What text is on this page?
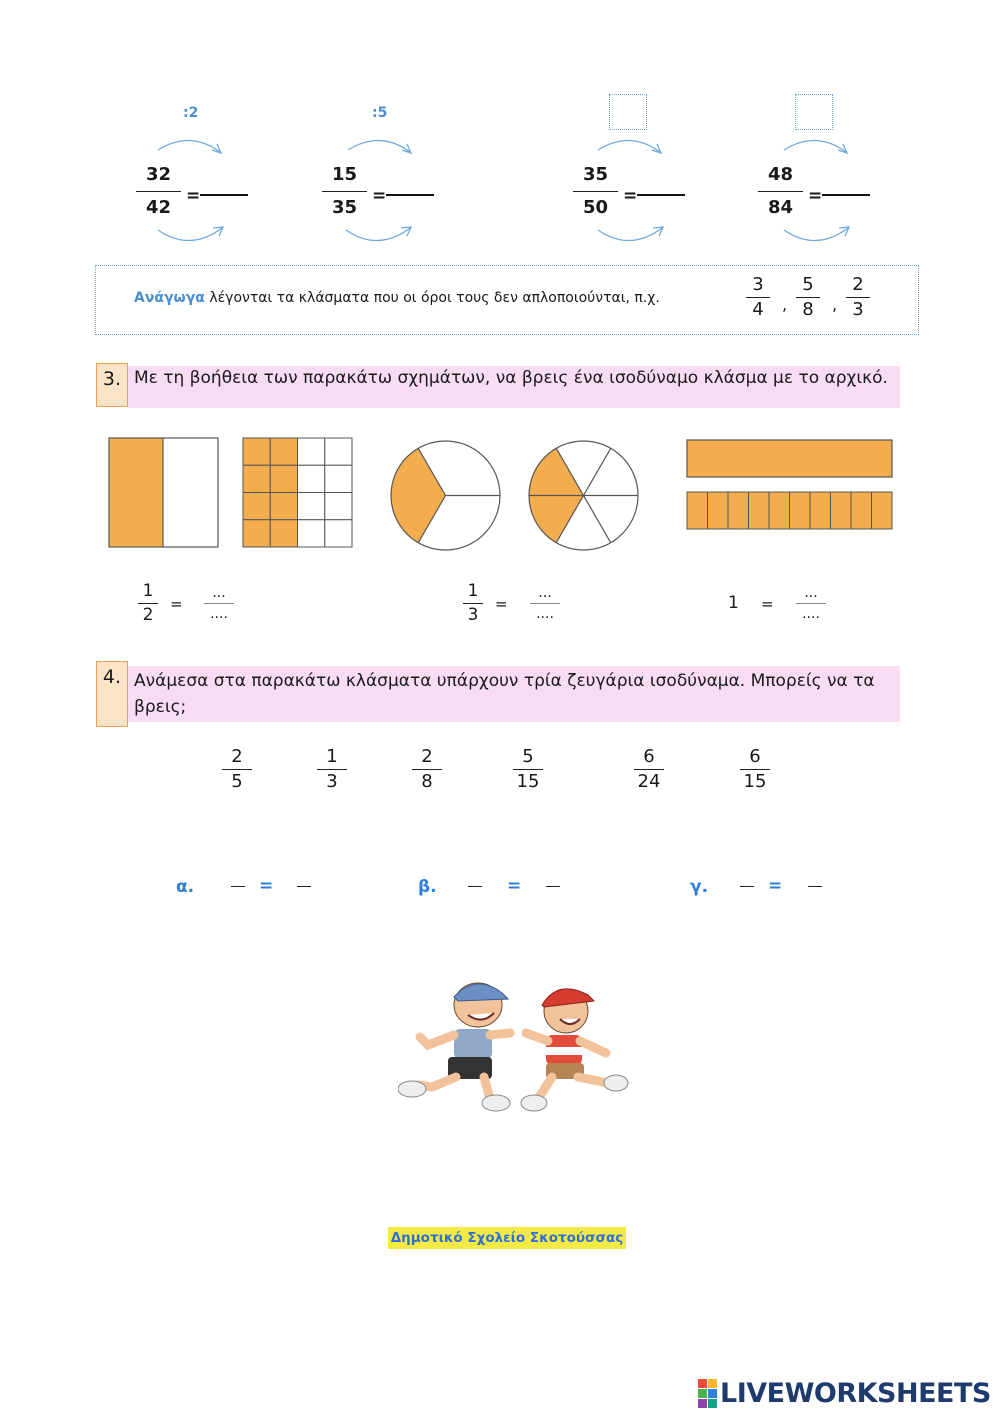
:2
32
42
=
:5
15
35
=
35
50
=
48
84
=
Ανάγωγα λέγονται τα κλάσματα που οι όροι τους δεν απλοποιούνται, π.χ.
3
4	,
5
8	,
2
3
3. Με τη βοήθεια των παρακάτω σχημάτων, να βρεις ένα ισοδύναμο κλάσμα με το αρχικό.
1
2
=
...
....
1
3
=
...
....
1 =
...
....
4. Ανάμεσα στα παρακάτω κλάσματα υπάρχουν τρία ζευγάρια ισοδύναμα. Μπορείς να τα βρεις;
2
5
1
3
2
8
5
15
6
24
6
15
α.	=	β.	=	γ.	=
Δημοτικό Σχολείο Σκοτούσσας
LIVEWORKSHEETS
